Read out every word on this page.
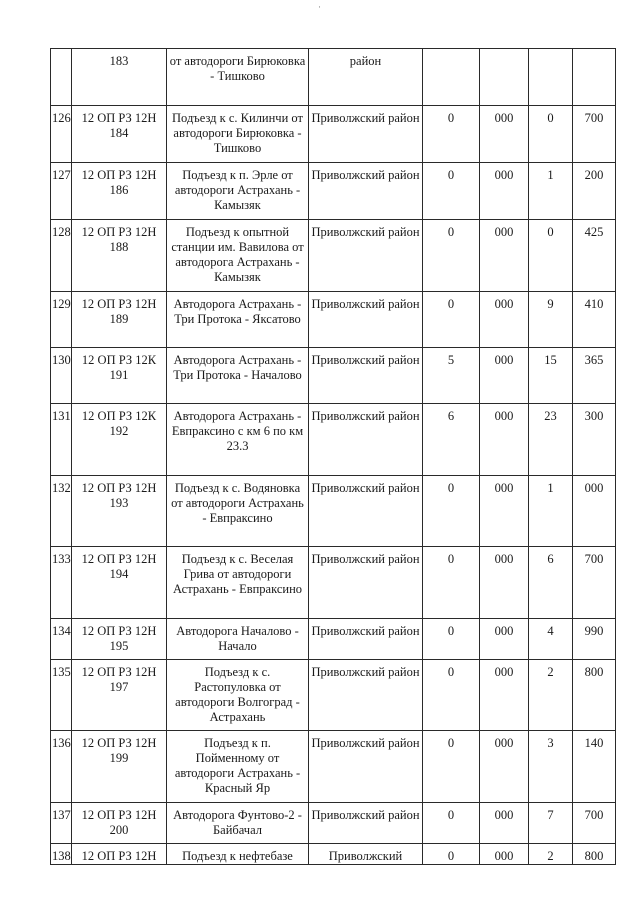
·
	183	от автодороги Бирюковка - Тишково	район				
126	12 ОП РЗ 12Н 184	Подъезд к с. Килинчи от автодороги Бирюковка - Тишково	Приволжский район	0	000	0	700
127	12 ОП РЗ 12Н 186	Подъезд к п. Эрле от автодороги Астрахань - Камызяк	Приволжский район	0	000	1	200
128	12 ОП РЗ 12Н 188	Подъезд к опытной станции им. Вавилова от автодорога Астрахань - Камызяк	Приволжский район	0	000	0	425
129	12 ОП РЗ 12Н 189	Автодорога Астрахань - Три Протока - Яксатово	Приволжский район	0	000	9	410
130	12 ОП РЗ 12К 191	Автодорога Астрахань - Три Протока - Началово	Приволжский район	5	000	15	365
131	12 ОП РЗ 12К 192	Автодорога Астрахань - Евпраксино с км 6 по км 23.3	Приволжский район	6	000	23	300
132	12 ОП РЗ 12Н 193	Подъезд к с. Водяновка от автодороги Астрахань - Евпраксино	Приволжский район	0	000	1	000
133	12 ОП РЗ 12Н 194	Подъезд к с. Веселая Грива от автодороги Астрахань - Евпраксино	Приволжский район	0	000	6	700
134	12 ОП РЗ 12Н 195	Автодорога Началово - Начало	Приволжский район	0	000	4	990
135	12 ОП РЗ 12Н 197	Подъезд к с. Растопуловка от автодороги Волгоград - Астрахань	Приволжский район	0	000	2	800
136	12 ОП РЗ 12Н 199	Подъезд к п. Пойменному от автодороги Астрахань - Красный Яр	Приволжский район	0	000	3	140
137	12 ОП РЗ 12Н 200	Автодорога Фунтово-2 - Байбачал	Приволжский район	0	000	7	700
138	12 ОП РЗ 12Н	Подъезд к нефтебазе	Приволжский	0	000	2	800
